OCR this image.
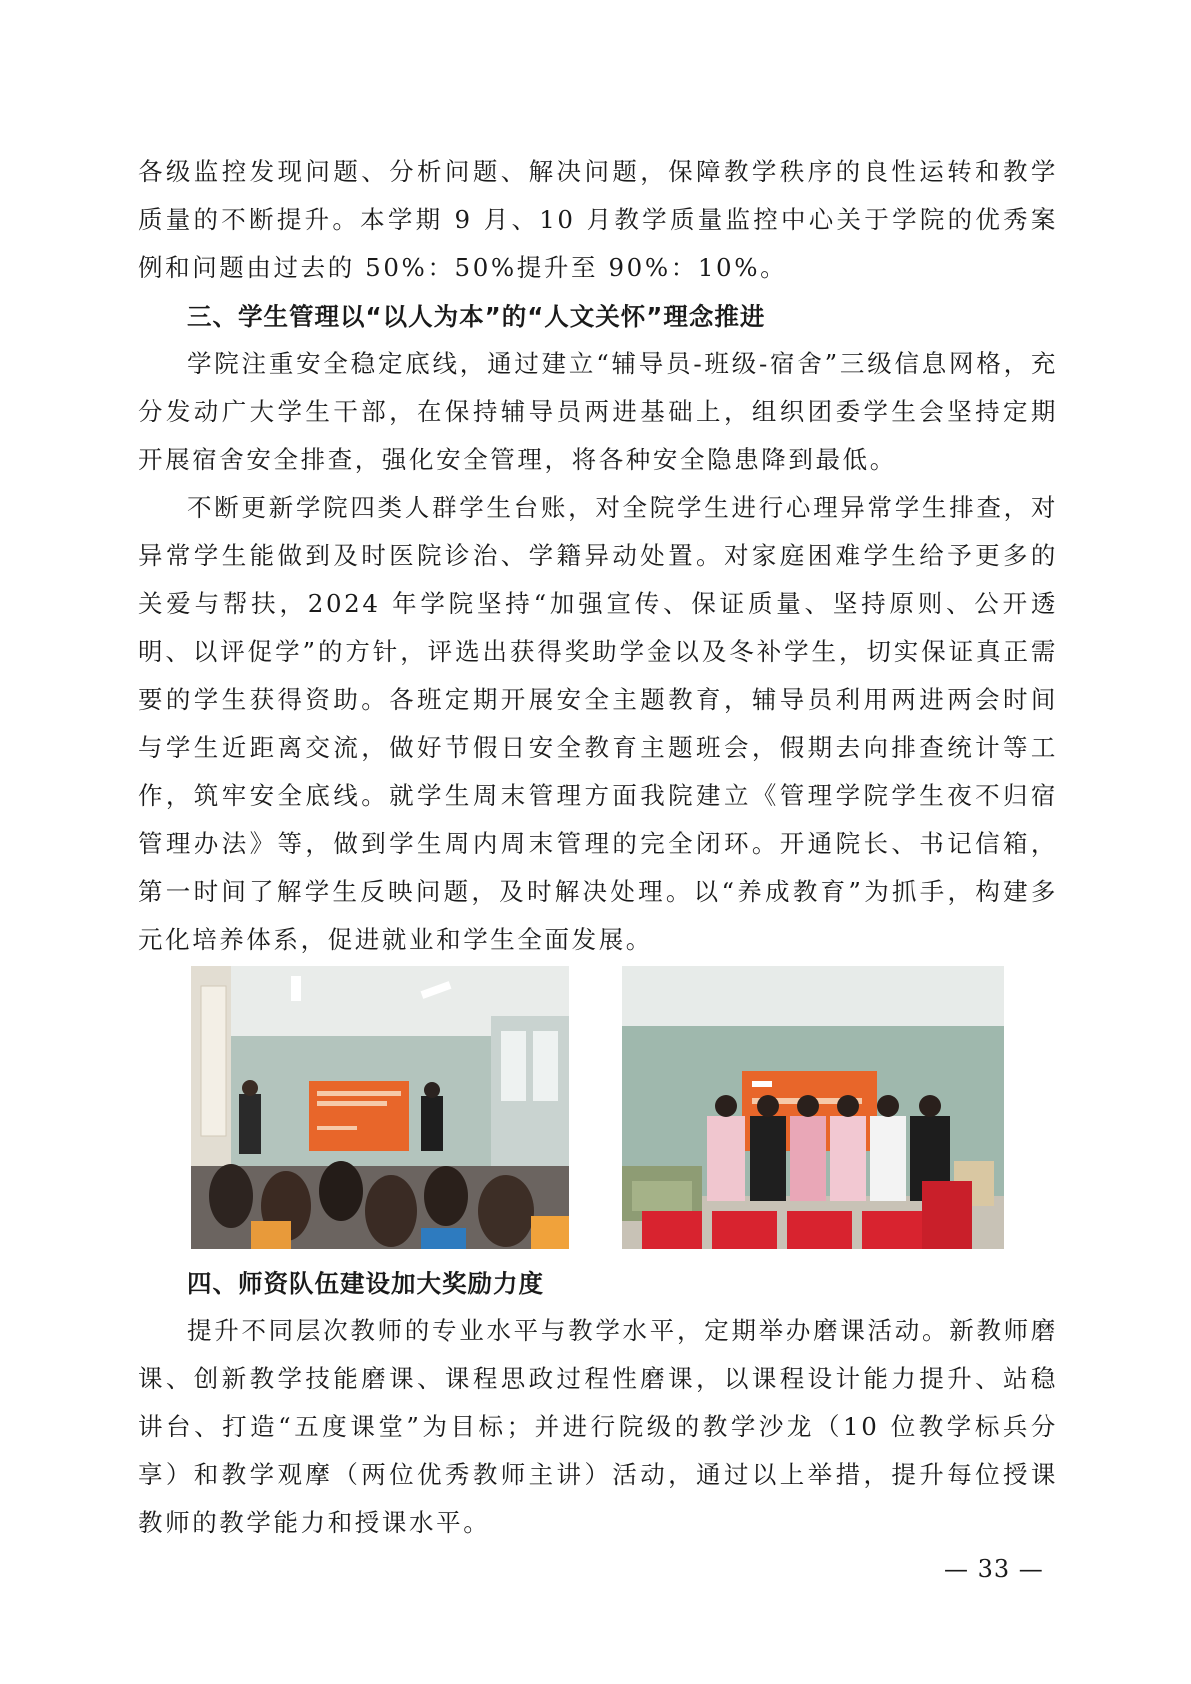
各级监控发现问题、分析问题、解决问题，保障教学秩序的良性运转和教学质量的不断提升。本学期 9 月、10 月教学质量监控中心关于学院的优秀案例和问题由过去的 50%：50%提升至 90%：10%。

三、学生管理以“以人为本”的“人文关怀”理念推进

学院注重安全稳定底线，通过建立“辅导员-班级-宿舍”三级信息网格，充分发动广大学生干部，在保持辅导员两进基础上，组织团委学生会坚持定期开展宿舍安全排查，强化安全管理，将各种安全隐患降到最低。

不断更新学院四类人群学生台账，对全院学生进行心理异常学生排查，对异常学生能做到及时医院诊治、学籍异动处置。对家庭困难学生给予更多的关爱与帮扶，2024 年学院坚持“加强宣传、保证质量、坚持原则、公开透明、以评促学”的方针，评选出获得奖助学金以及冬补学生，切实保证真正需要的学生获得资助。各班定期开展安全主题教育，辅导员利用两进两会时间与学生近距离交流，做好节假日安全教育主题班会，假期去向排查统计等工作，筑牢安全底线。就学生周末管理方面我院建立《管理学院学生夜不归宿管理办法》等，做到学生周内周末管理的完全闭环。开通院长、书记信箱，第一时间了解学生反映问题，及时解决处理。以“养成教育”为抓手，构建多元化培养体系，促进就业和学生全面发展。

四、师资队伍建设加大奖励力度

提升不同层次教师的专业水平与教学水平，定期举办磨课活动。新教师磨课、创新教学技能磨课、课程思政过程性磨课，以课程设计能力提升、站稳讲台、打造“五度课堂”为目标；并进行院级的教学沙龙（10 位教学标兵分享）和教学观摩（两位优秀教师主讲）活动，通过以上举措，提升每位授课教师的教学能力和授课水平。

— 33 —
